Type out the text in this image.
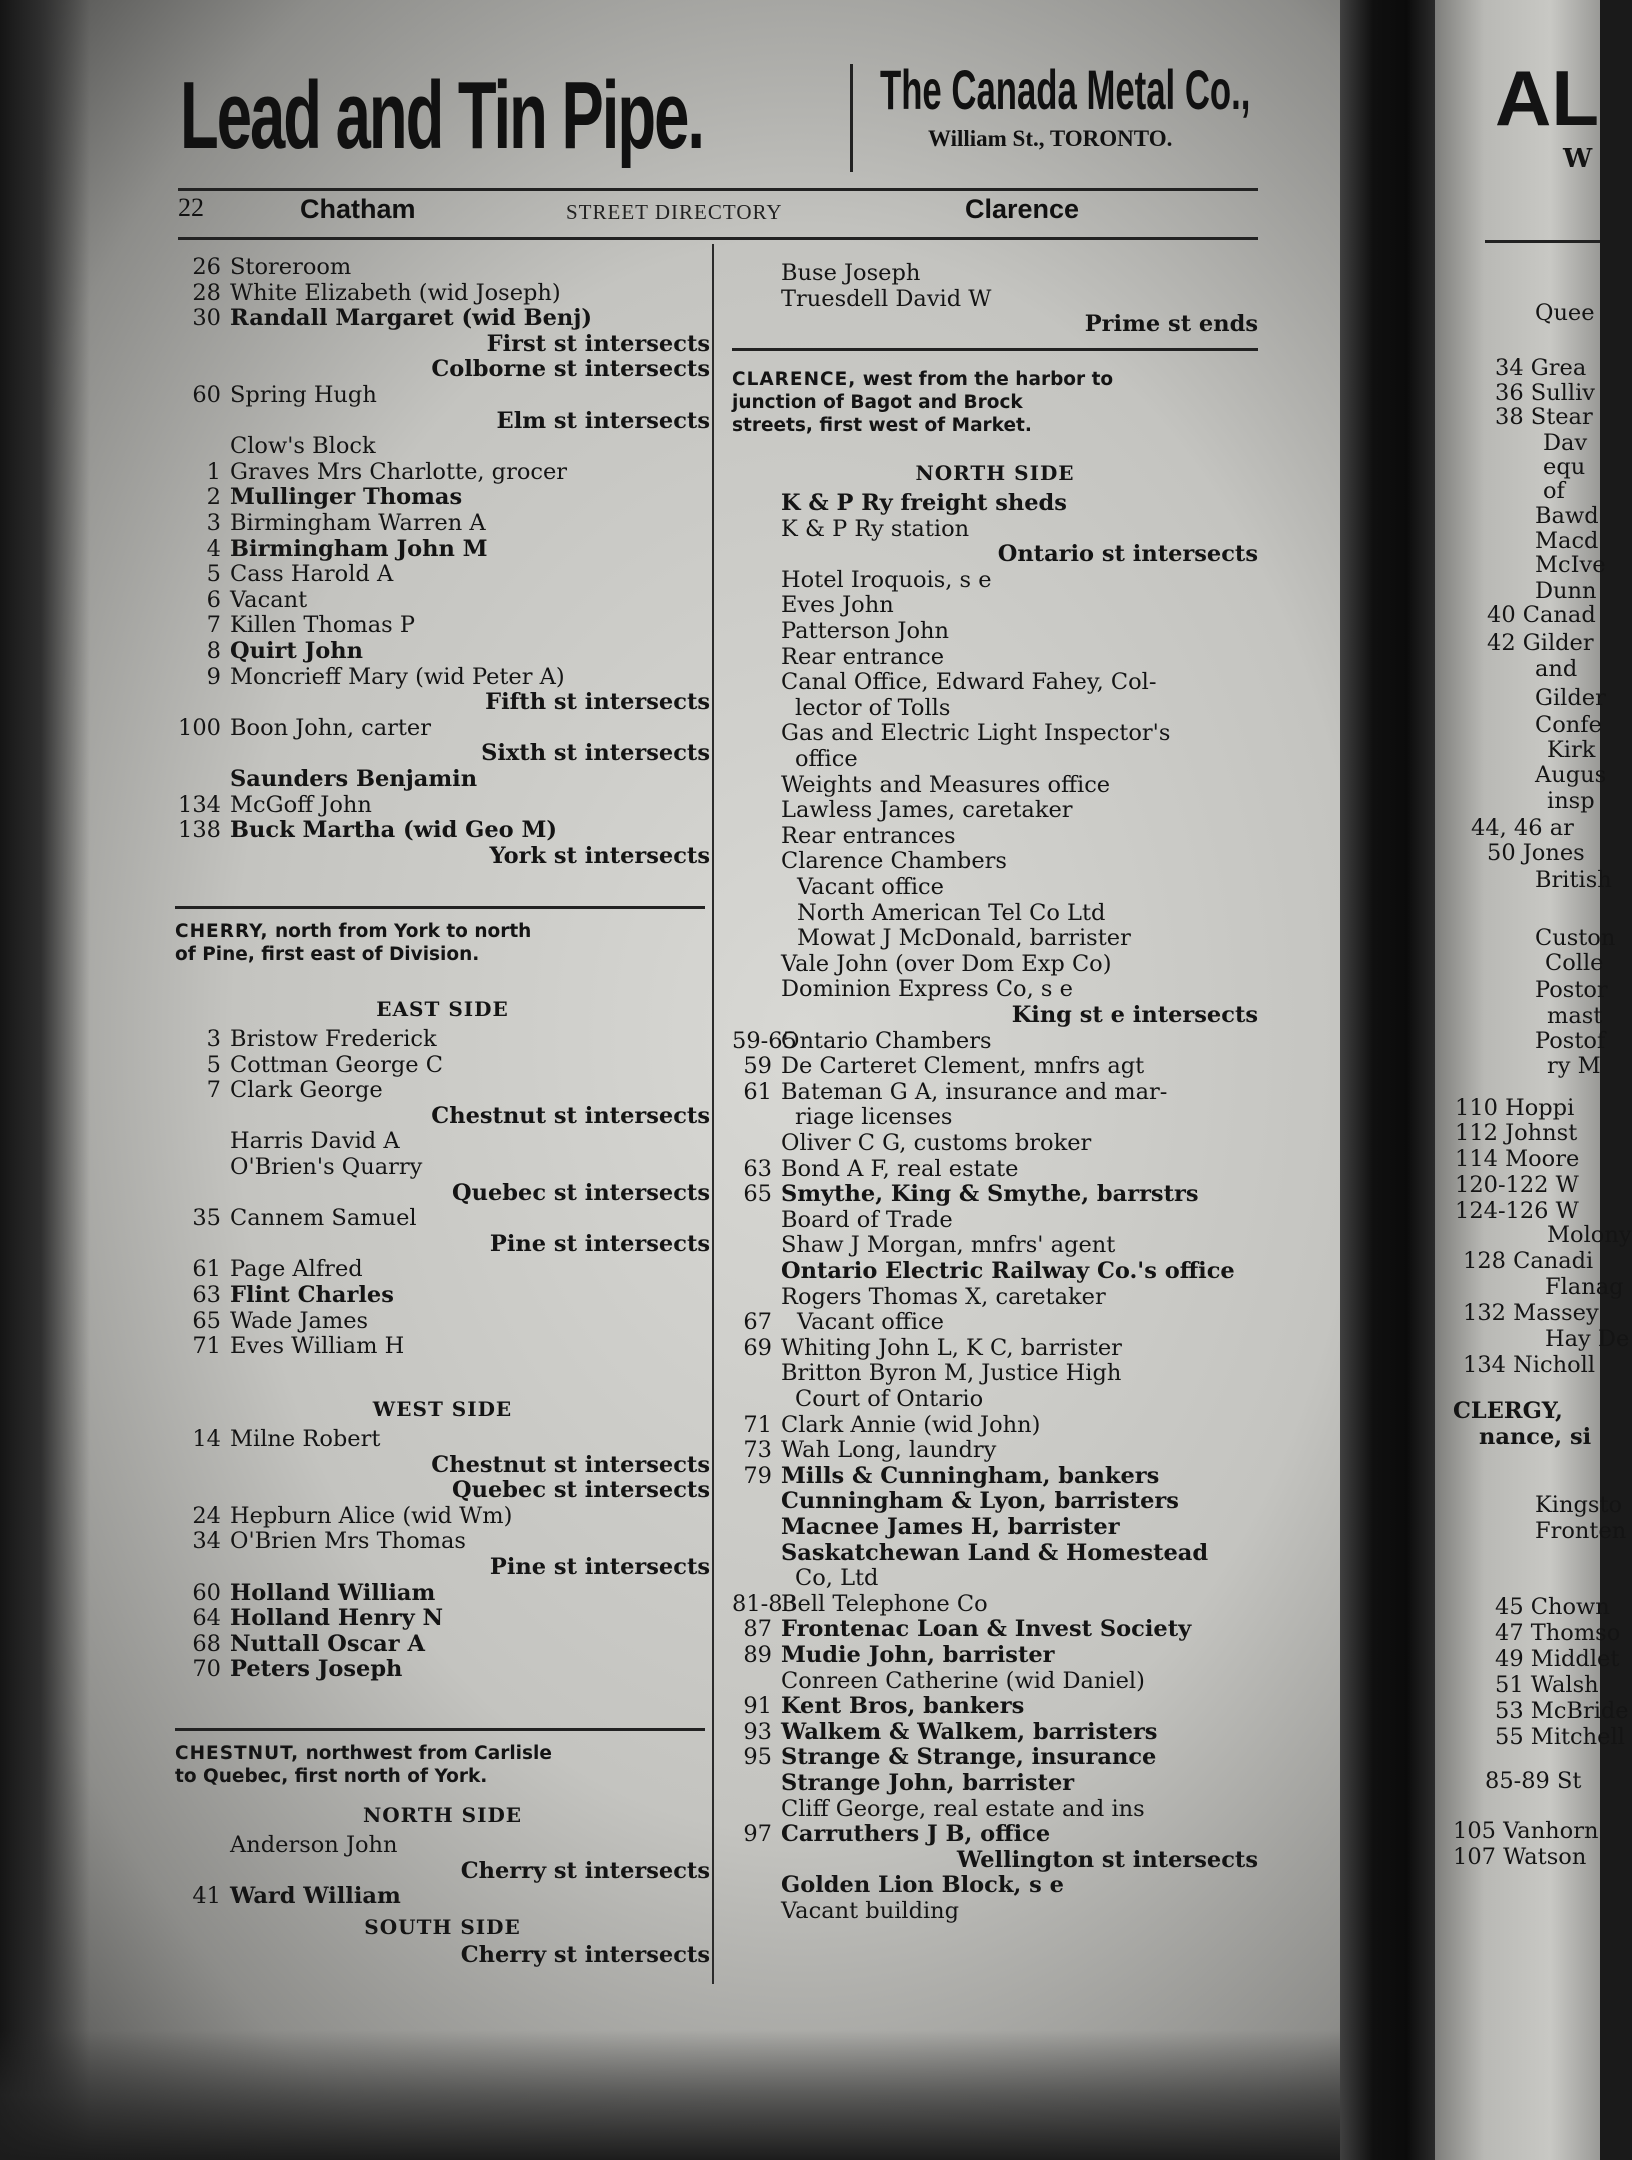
Lead and Tin Pipe.	The Canada Metal Co.,
William St., TORONTO.
22	Chatham	STREET DIRECTORY	Clarence
26 Storeroom
28 White Elizabeth (wid Joseph)
30 Randall Margaret (wid Benj)
First st intersects
Colborne st intersects
60 Spring Hugh
Elm st intersects
Clow's Block
1 Graves Mrs Charlotte, grocer
2 Mullinger Thomas
3 Birmingham Warren A
4 Birmingham John M
5 Cass Harold A
6 Vacant
7 Killen Thomas P
8 Quirt John
9 Moncrieff Mary (wid Peter A)
Fifth st intersects
100 Boon John, carter
Sixth st intersects
Saunders Benjamin
134 McGoff John
138 Buck Martha (wid Geo M)
York st intersects
CHERRY, north from York to north
of Pine, first east of Division.
EAST SIDE
3 Bristow Frederick
5 Cottman George C
7 Clark George
Chestnut st intersects
Harris David A
O'Brien's Quarry
Quebec st intersects
35 Cannem Samuel
Pine st intersects
61 Page Alfred
63 Flint Charles
65 Wade James
71 Eves William H
WEST SIDE
14 Milne Robert
Chestnut st intersects
Quebec st intersects
24 Hepburn Alice (wid Wm)
34 O'Brien Mrs Thomas
Pine st intersects
60 Holland William
64 Holland Henry N
68 Nuttall Oscar A
70 Peters Joseph
CHESTNUT, northwest from Carlisle
to Quebec, first north of York.
NORTH SIDE
Anderson John
Cherry st intersects
41 Ward William
SOUTH SIDE
Cherry st intersects
Buse Joseph
Truesdell David W
Prime st ends
CLARENCE, west from the harbor to
junction of Bagot and Brock
streets, first west of Market.
NORTH SIDE
K & P Ry freight sheds
K & P Ry station
Ontario st intersects
Hotel Iroquois, s e
Eves John
Patterson John
Rear entrance
Canal Office, Edward Fahey, Col-
lector of Tolls
Gas and Electric Light Inspector's
office
Weights and Measures office
Lawless James, caretaker
Rear entrances
Clarence Chambers
Vacant office
North American Tel Co Ltd
Mowat J McDonald, barrister
Vale John (over Dom Exp Co)
Dominion Express Co, s e
King st e intersects
59-65Ontario Chambers
59 De Carteret Clement, mnfrs agt
61 Bateman G A, insurance and mar-
riage licenses
Oliver C G, customs broker
63 Bond A F, real estate
65 Smythe, King & Smythe, barrstrs
Board of Trade
Shaw J Morgan, mnfrs' agent
Ontario Electric Railway Co.'s office
Rogers Thomas X, caretaker
67 Vacant office
69 Whiting John L, K C, barrister
Britton Byron M, Justice High
Court of Ontario
71 Clark Annie (wid John)
73 Wah Long, laundry
79 Mills & Cunningham, bankers
Cunningham & Lyon, barristers
Macnee James H, barrister
Saskatchewan Land & Homestead
Co, Ltd
81-83Bell Telephone Co
87 Frontenac Loan & Invest Society
89 Mudie John, barrister
Conreen Catherine (wid Daniel)
91 Kent Bros, bankers
93 Walkem & Walkem, barristers
95 Strange & Strange, insurance
Strange John, barrister
Cliff George, real estate and ins
97 Carruthers J B, office
Wellington st intersects
Golden Lion Block, s e
Vacant building
AL
W
Quee
34 Grea
36 Sulliv
38 Stear
Dav
equ
of
Bawd
Macd
McIve
Dunn
40 Canad
42 Gilder
and
Gilder
Confe
Kirk
Augus
insp
44, 46 ar
50 Jones
British
Custon
Colle
Postor
mast
Postof
ry M
110 Hoppi
112 Johnst
114 Moore
120-122 W
124-126 W
Molony
128 Canadi
Flanag
132 Massey
Hay De
134 Nicholl
CLERGY,
nance, si
Kingsto
Fronten
45 Chown
47 Thomso
49 Middlet
51 Walsh
53 McBride
55 Mitchell
85-89 St
105 Vanhorn
107 Watson
